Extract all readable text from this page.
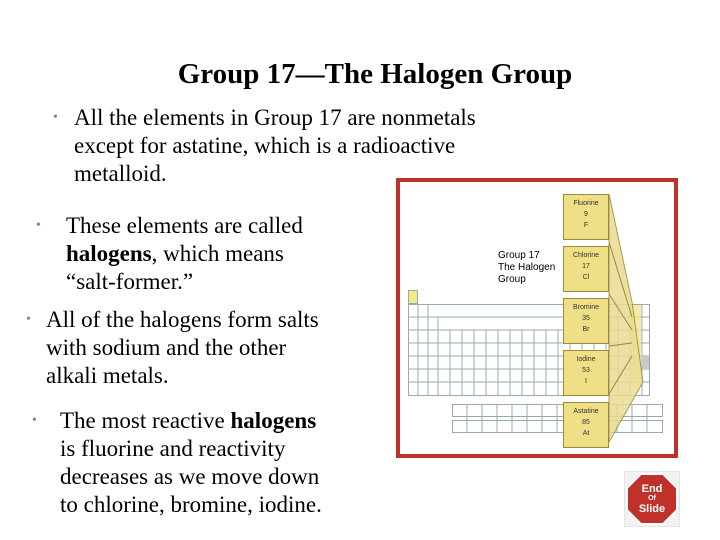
Group 17—The Halogen Group
• All the elements in Group 17 are nonmetals
except for astatine, which is a radioactive
metalloid.
• These elements are called
halogens, which means
“salt-former.”
• All of the halogens form salts
with sodium and the other
alkali metals.
• The most reactive halogens
is fluorine and reactivity
decreases as we move down
to chlorine, bromine, iodine.
Group 17
The Halogen
Group
Fluorine
9
F
Chlorine
17
Cl
Bromine
35
Br
Iodine
53
I
Astatine
85
At
End
Of
Slide
